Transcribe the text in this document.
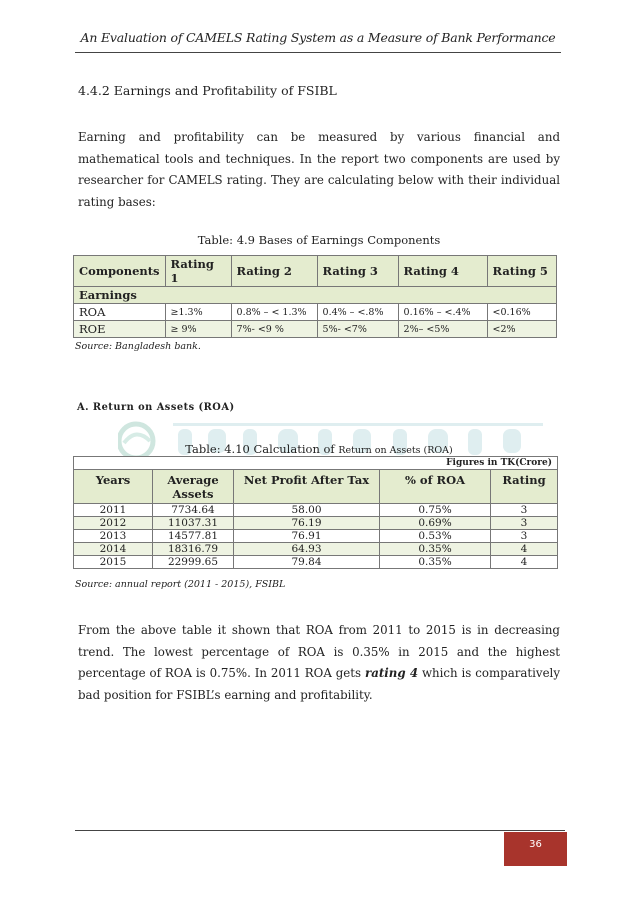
An Evaluation of CAMELS Rating System as a Measure of Bank Performance
4.4.2 Earnings and Profitability of FSIBL
Earning and profitability can be measured by various financial and mathematical tools and techniques. In the report two components are used by researcher for CAMELS rating. They are calculating below with their individual rating bases:
Table: 4.9 Bases of Earnings Components
Components	Rating 1	Rating 2	Rating 3	Rating 4	Rating 5
Earnings					
ROA	≥1.3%	0.8% – < 1.3%	0.4% – <.8%	0.16% – <.4%	<0.16%
ROE	≥ 9%	7%- <9 %	5%- <7%	2%– <5%	<2%
Source: Bangladesh bank.
A. Return on Assets (ROA)
Table: 4.10 Calculation of Return on Assets (ROA)
Figures in TK(Crore)				
Years	Average Assets	Net Profit After Tax	% of ROA	Rating
2011	7734.64	58.00	0.75%	3
2012	11037.31	76.19	0.69%	3
2013	14577.81	76.91	0.53%	3
2014	18316.79	64.93	0.35%	4
2015	22999.65	79.84	0.35%	4
Source: annual report (2011 - 2015), FSIBL
From the above table it shown that ROA from 2011 to 2015 is in decreasing trend. The lowest percentage of ROA is 0.35% in 2015 and the highest percentage of ROA is 0.75%. In 2011 ROA gets rating 4 which is comparatively bad position for FSIBL’s earning and profitability.
36
